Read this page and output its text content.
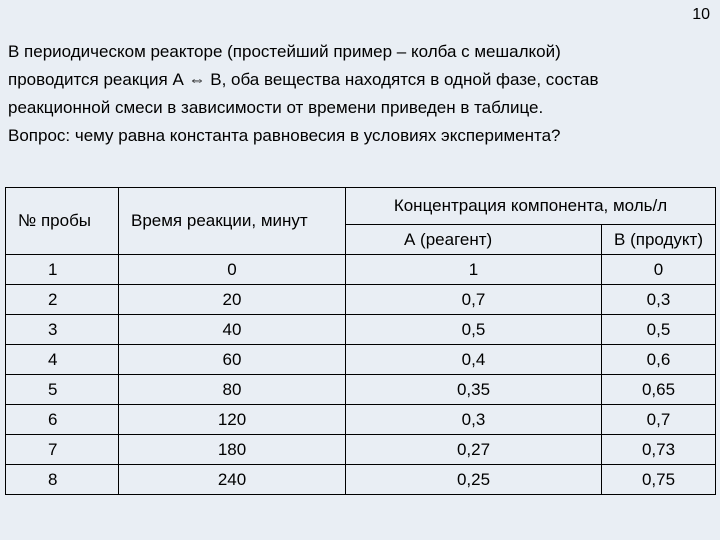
10
В периодическом реакторе (простейший пример – колба с мешалкой)
проводится реакция А ⇔ В, оба вещества находятся в одной фазе, состав
реакционной смеси в зависимости от времени приведен в таблице.
Вопрос: чему равна константа равновесия в условиях эксперимента?
№ пробы	Время реакции, минут	Концентрация компонента, моль/л	
		А (реагент)	В (продукт)
1	0	1	0
2	20	0,7	0,3
3	40	0,5	0,5
4	60	0,4	0,6
5	80	0,35	0,65
6	120	0,3	0,7
7	180	0,27	0,73
8	240	0,25	0,75
